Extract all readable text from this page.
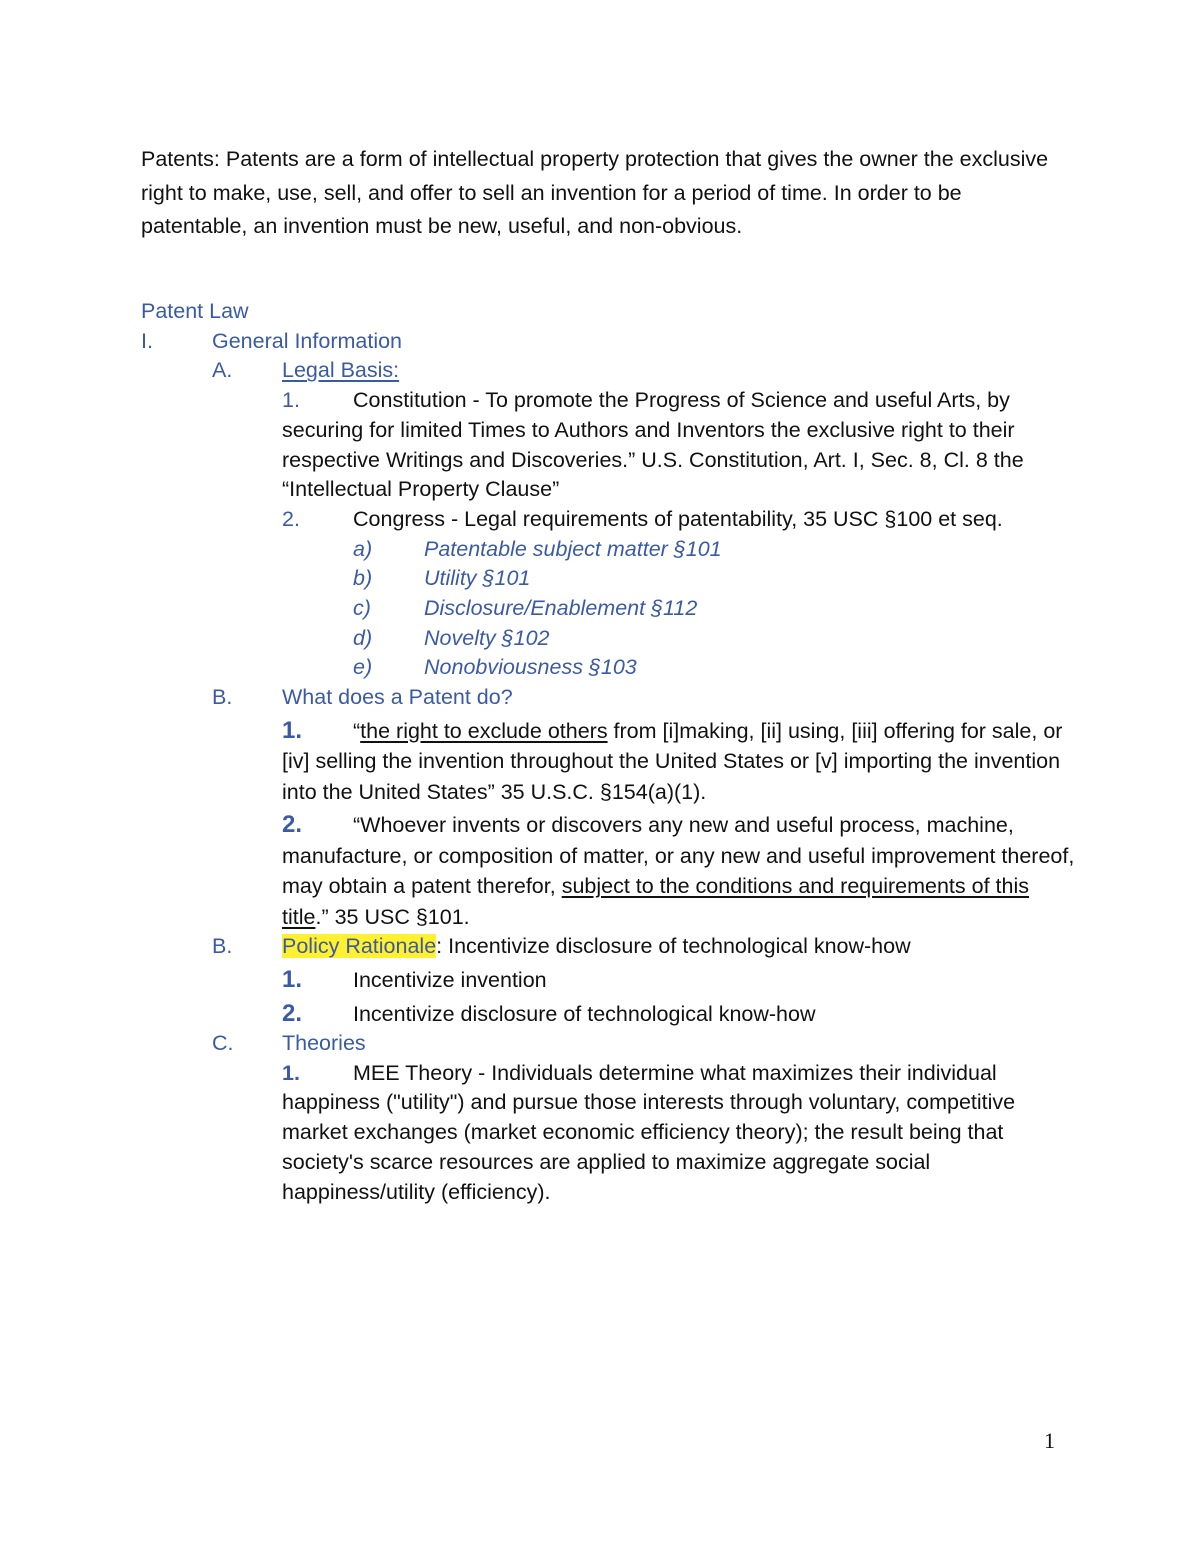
Patents: Patents are a form of intellectual property protection that gives the owner the exclusive right to make, use, sell, and offer to sell an invention for a period of time. In order to be patentable, an invention must be new, useful, and non-obvious.

Patent Law
I.	General Information
A. Legal Basis:
1.	Constitution - To promote the Progress of Science and useful Arts, by securing for limited Times to Authors and Inventors the exclusive right to their respective Writings and Discoveries.” U.S. Constitution, Art. I, Sec. 8, Cl. 8 the “Intellectual Property Clause”
2.	Congress - Legal requirements of patentability, 35 USC §100 et seq.
a) Patentable subject matter §101
b) Utility §101
c) Disclosure/Enablement §112
d) Novelty §102
e) Nonobviousness §103
B. What does a Patent do?
1.	“the right to exclude others from [i]making, [ii] using, [iii] offering for sale, or [iv] selling the invention throughout the United States or [v] importing the invention into the United States” 35 U.S.C. §154(a)(1).
2.	“Whoever invents or discovers any new and useful process, machine, manufacture, or composition of matter, or any new and useful improvement thereof, may obtain a patent therefor, subject to the conditions and requirements of this title.” 35 USC §101.
B. Policy Rationale: Incentivize disclosure of technological know-how
1.	Incentivize invention
2.	Incentivize disclosure of technological know-how
C. Theories
1.	MEE Theory - Individuals determine what maximizes their individual happiness ("utility") and pursue those interests through voluntary, competitive market exchanges (market economic efficiency theory); the result being that society's scarce resources are applied to maximize aggregate social happiness/utility (efficiency).
1
